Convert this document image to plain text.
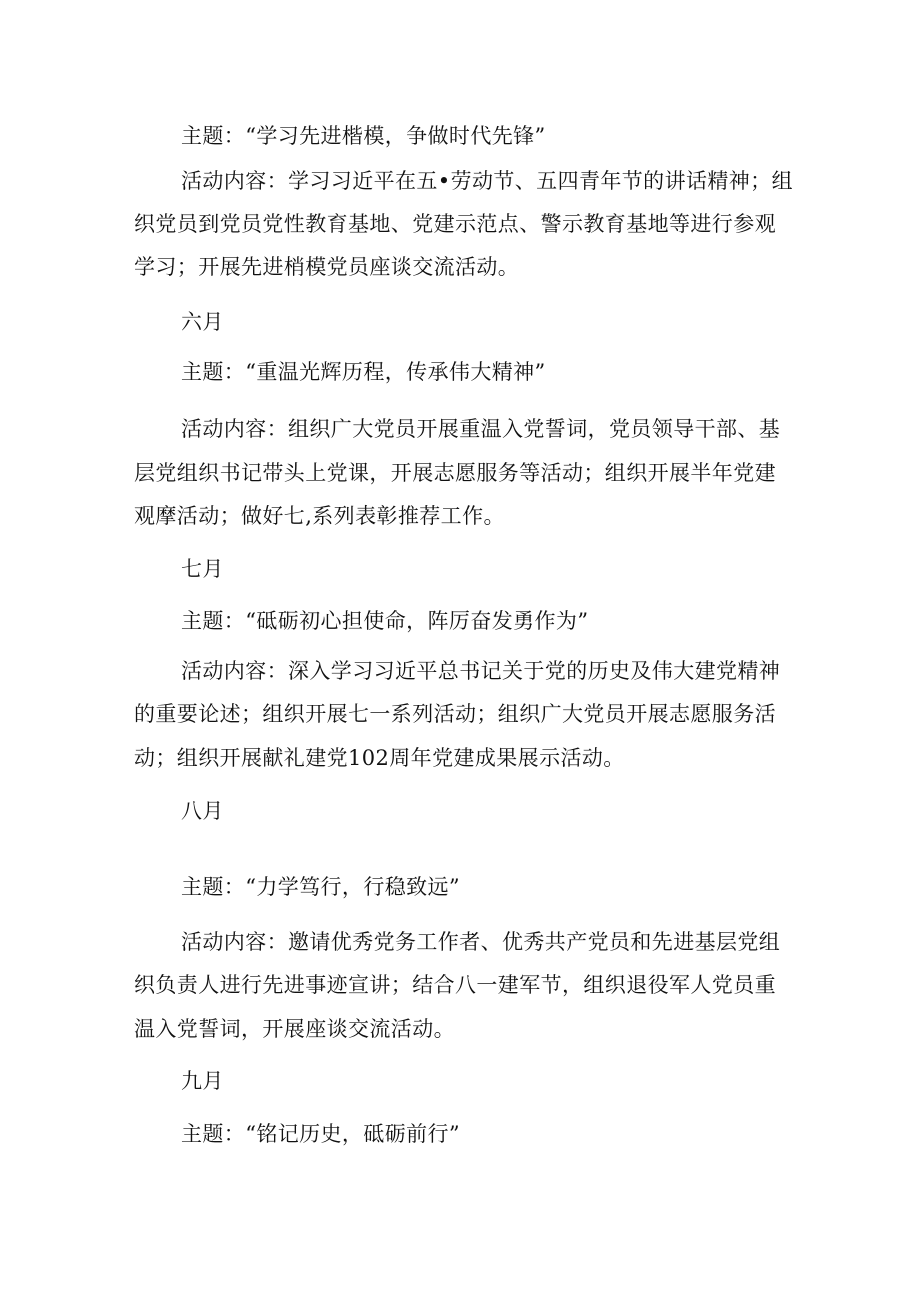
主题：“学习先进楷模，争做时代先锋”

活动内容：学习习近平在五•劳动节、五四青年节的讲话精神；组

织党员到党员党性教育基地、党建示范点、警示教育基地等进行参观

学习；开展先进梢模党员座谈交流活动。

六月

主题：“重温光辉历程，传承伟大精神”

活动内容：组织广大党员开展重温入党誓词，党员领导干部、基

层党组织书记带头上党课，开展志愿服务等活动；组织开展半年党建

观摩活动；做好七,系列表彰推荐工作。

七月

主题：“砥砺初心担使命，阵厉奋发勇作为”

活动内容：深入学习习近平总书记关于党的历史及伟大建党精神

的重要论述；组织开展七一系列活动；组织广大党员开展志愿服务活

动；组织开展献礼建党102周年党建成果展示活动。

八月

主题：“力学笃行，行稳致远”

活动内容：邀请优秀党务工作者、优秀共产党员和先进基层党组

织负责人进行先进事迹宣讲；结合八一建军节，组织退役军人党员重

温入党誓词，开展座谈交流活动。

九月

主题：“铭记历史，砥砺前行”
